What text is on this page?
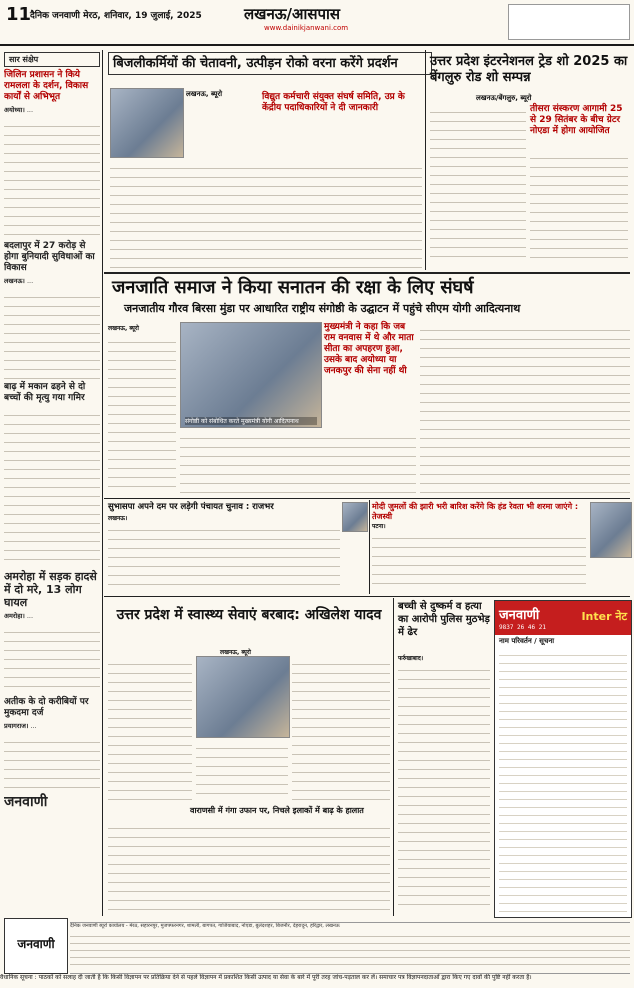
11
दैनिक जनवाणी मेरठ, शनिवार, 19 जुलाई, 2025	लखनऊ/आसपास
www.dainikjanwani.com
सार संक्षेप
जिलिन प्रशासन ने किये रामलला के दर्शन, विकास कार्यों से अभिभूत

अयोध्या। ...

बदलापुर में 27 करोड़ से होगा बुनियादी सुविधाओं का विकास

लखनऊ। ...

बाढ़ में मकान ढहने से दो बच्चों की मृत्यु गया गमिर
अमरोहा में सड़क हादसे में दो मरे, 13 लोग घायल

अमरोहा। ...

अतीक के दो करीबियों पर मुकदमा दर्ज

प्रयागराज। ...

जनवाणी
बिजलीकर्मियों की चेतावनी, उत्पीड़न रोको वरना करेंगे प्रदर्शन
लखनऊ, ब्यूरो	विद्युत कर्मचारी संयुक्त संघर्ष समिति, उप्र के केंद्रीय पदाधिकारियों ने दी जानकारी
उत्तर प्रदेश इंटरनेशनल ट्रेड शो 2025 का बेंगलुरु रोड शो सम्पन्न
लखनऊ/बेंगलुरु, ब्यूरो
तीसरा संस्करण आगामी 25 से 29 सितंबर के बीच ग्रेटर नोएडा में होगा आयोजित
जनजाति समाज ने किया सनातन की रक्षा के लिए संघर्ष
जनजातीय गौरव बिरसा मुंडा पर आधारित राष्ट्रीय संगोष्ठी के उद्घाटन में पहुंचे सीएम योगी आदित्यनाथ
लखनऊ, ब्यूरो
संगोष्ठी को संबोधित करते मुख्यमंत्री योगी आदित्यनाथ
मुख्यमंत्री ने कहा कि जब राम वनवास में थे और माता सीता का अपहरण हुआ, उसके बाद अयोध्या या जनकपुर की सेना नहीं थी
सुभासपा अपने दम पर लड़ेगी पंचायत चुनाव : राजभर
लखनऊ।
मोदी जुमलों की झारी भरी बारिश करेंगे कि हंड रेवता भी शरमा जाएंगे : तेजस्वी
पटना।
उत्तर प्रदेश में स्वास्थ्य सेवाएं बरबाद: अखिलेश यादव
लखनऊ, ब्यूरो
वाराणसी में गंगा उफान पर, निचले इलाकों में बाढ़ के हालात
बच्ची से दुष्कर्म व हत्या का आरोपी पुलिस मुठभेड़ में ढेर
फर्रुखाबाद।
जनवाणी	Inter नेट
9837 26 46 21
नाम परिवर्तन / सूचना
जनवाणी
दैनिक जनवाणी ब्यूरो कार्यालय - मेरठ, सहारनपुर, मुजफ्फरनगर, शामली, बागपत, गाजियाबाद, नोएडा, बुलंदशहर, बिजनौर, देहरादून, हरिद्वार, लखनऊ
वैधानिक सूचना : पाठकों को सलाह दी जाती है कि किसी विज्ञापन पर प्रतिक्रिया देने से पहले विज्ञापन में प्रकाशित किसी उत्पाद या सेवा के बारे में पूरी तरह जांच-पड़ताल कर लें। समाचार पत्र विज्ञापनदाताओं द्वारा किए गए दावों की पुष्टि नहीं करता है।
